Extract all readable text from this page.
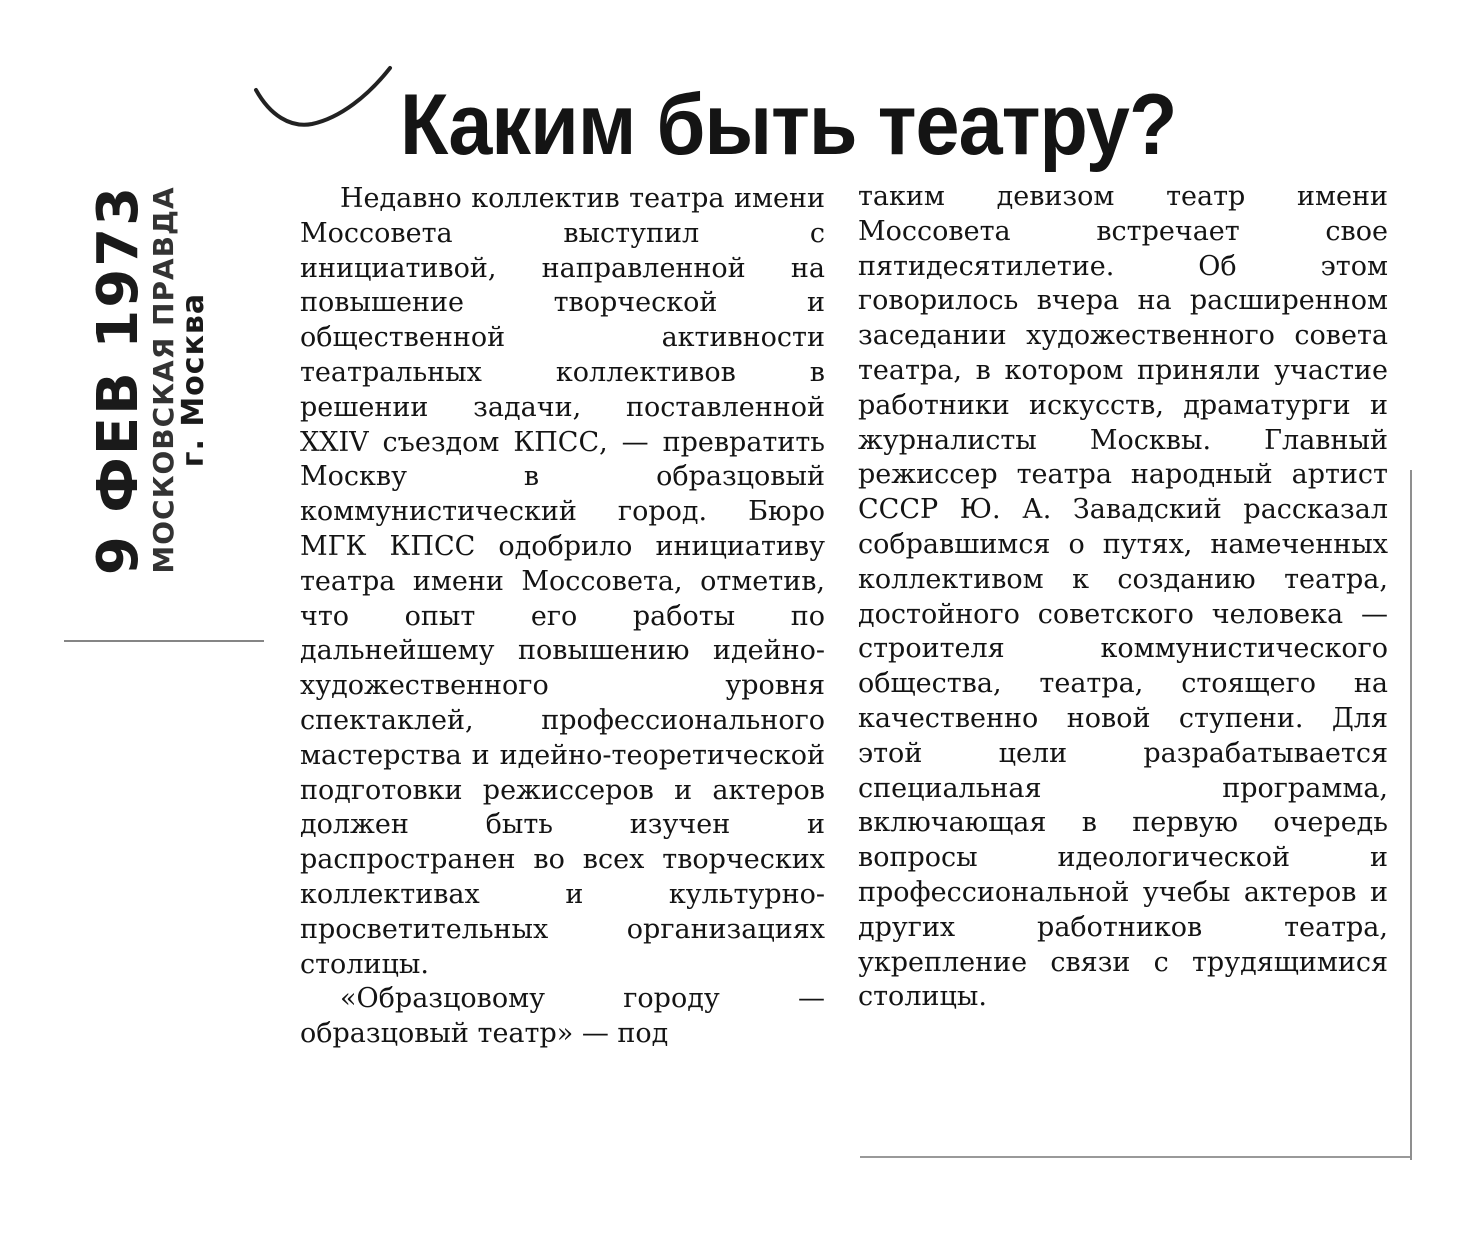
9 ФЕВ 1973
МОСКОВСКАЯ ПРАВДА
г. Москва
Каким быть театру?

Недавно коллектив театра имени Моссовета выступил с инициативой, направленной на повышение творческой и общественной активности театральных коллективов в решении задачи, поставленной XXIV съездом КПСС, — превратить Москву в образцовый коммунистический город. Бюро МГК КПСС одобрило инициативу театра имени Моссовета, отметив, что опыт его работы по дальнейшему повышению идейно-художественного уровня спектаклей, профессионального мастерства и идейно-теоретической подготовки режиссеров и актеров должен быть изучен и распространен во всех творческих коллективах и культурно-просветительных организациях столицы.

«Образцовому городу — образцовый театр» — под

таким девизом театр имени Моссовета встречает свое пятидесятилетие. Об этом говорилось вчера на расширенном заседании художественного совета театра, в котором приняли участие работники искусств, драматурги и журналисты Москвы. Главный режиссер театра народный артист СССР Ю. А. Завадский рассказал собравшимся о путях, намеченных коллективом к созданию театра, достойного советского человека — строителя коммунистического общества, театра, стоящего на качественно новой ступени. Для этой цели разрабатывается специальная программа, включающая в первую очередь вопросы идеологической и профессиональной учебы актеров и других работников театра, укрепление связи с трудящимися столицы.
